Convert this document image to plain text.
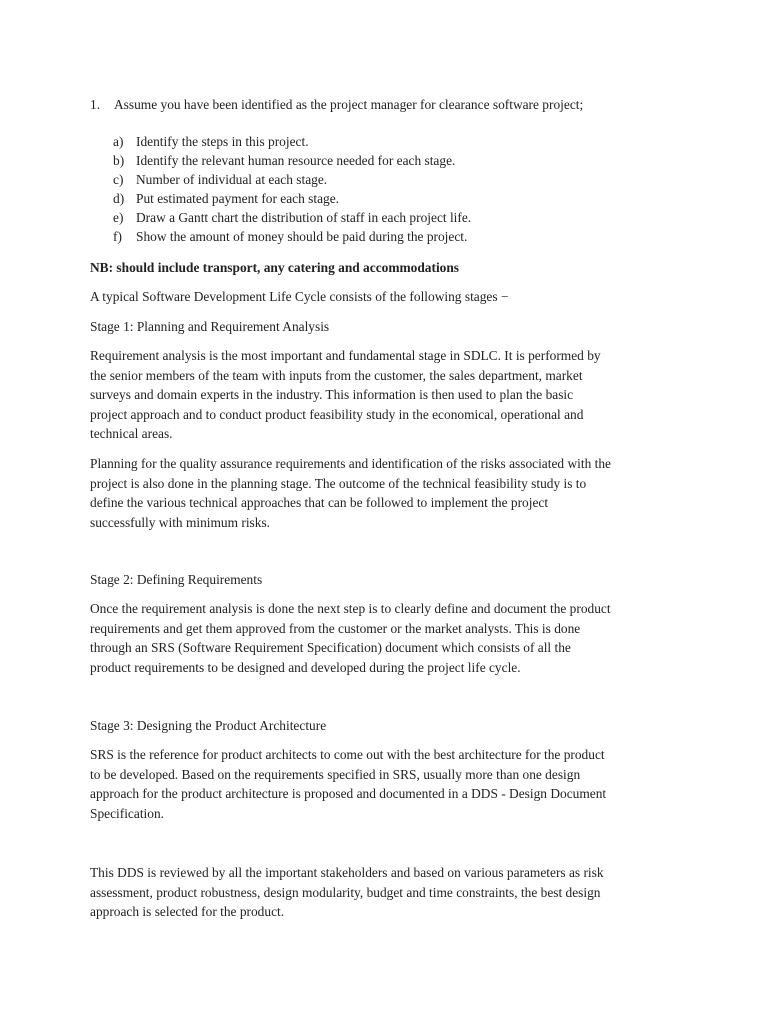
1. Assume you have been identified as the project manager for clearance software project;
a) Identify the steps in this project.
b) Identify the relevant human resource needed for each stage.
c) Number of individual at each stage.
d) Put estimated payment for each stage.
e) Draw a Gantt chart the distribution of staff in each project life.
f) Show the amount of money should be paid during the project.
NB: should include transport, any catering and accommodations
A typical Software Development Life Cycle consists of the following stages −
Stage 1: Planning and Requirement Analysis
Requirement analysis is the most important and fundamental stage in SDLC. It is performed by
the senior members of the team with inputs from the customer, the sales department, market
surveys and domain experts in the industry. This information is then used to plan the basic
project approach and to conduct product feasibility study in the economical, operational and
technical areas.
Planning for the quality assurance requirements and identification of the risks associated with the
project is also done in the planning stage. The outcome of the technical feasibility study is to
define the various technical approaches that can be followed to implement the project
successfully with minimum risks.
Stage 2: Defining Requirements
Once the requirement analysis is done the next step is to clearly define and document the product
requirements and get them approved from the customer or the market analysts. This is done
through an SRS (Software Requirement Specification) document which consists of all the
product requirements to be designed and developed during the project life cycle.
Stage 3: Designing the Product Architecture
SRS is the reference for product architects to come out with the best architecture for the product
to be developed. Based on the requirements specified in SRS, usually more than one design
approach for the product architecture is proposed and documented in a DDS - Design Document
Specification.
This DDS is reviewed by all the important stakeholders and based on various parameters as risk
assessment, product robustness, design modularity, budget and time constraints, the best design
approach is selected for the product.
